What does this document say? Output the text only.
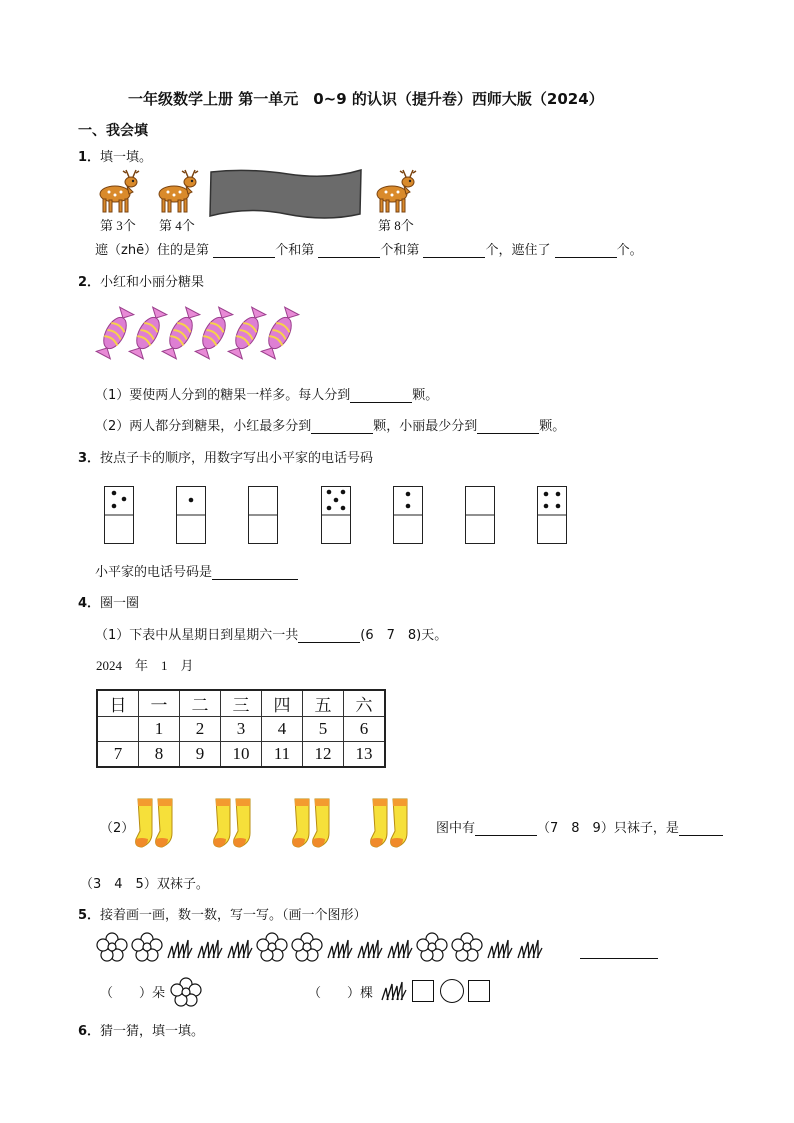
一年级数学上册 第一单元　0~9 的认识（提升卷）西师大版（2024）
一、我会填
1．填一填。
第 3个 第 4个	第 8个
遮（zhē）住的是第	个和第	个和第	个，遮住了	个。
2．小红和小丽分糖果
（1）要使两人分到的糖果一样多。每人分到	颗。
（2）两人都分到糖果，小红最多分到	颗，小丽最少分到	颗。
3．按点子卡的顺序，用数字写出小平家的电话号码
小平家的电话号码是
4．圈一圈
（1）下表中从星期日到星期六一共	(6　7　8)天。
2024　年　1　月
日	一	二	三	四	五	六
	1	2	3	4	5	6
7	8	9	10	11	12	13
（2）	图中有	（7　8　9）只袜子，是
（3　4　5）双袜子。
5．接着画一画，数一数，写一写。（画一个图形）
（　　）朵	（　　）棵
6．猜一猜，填一填。
